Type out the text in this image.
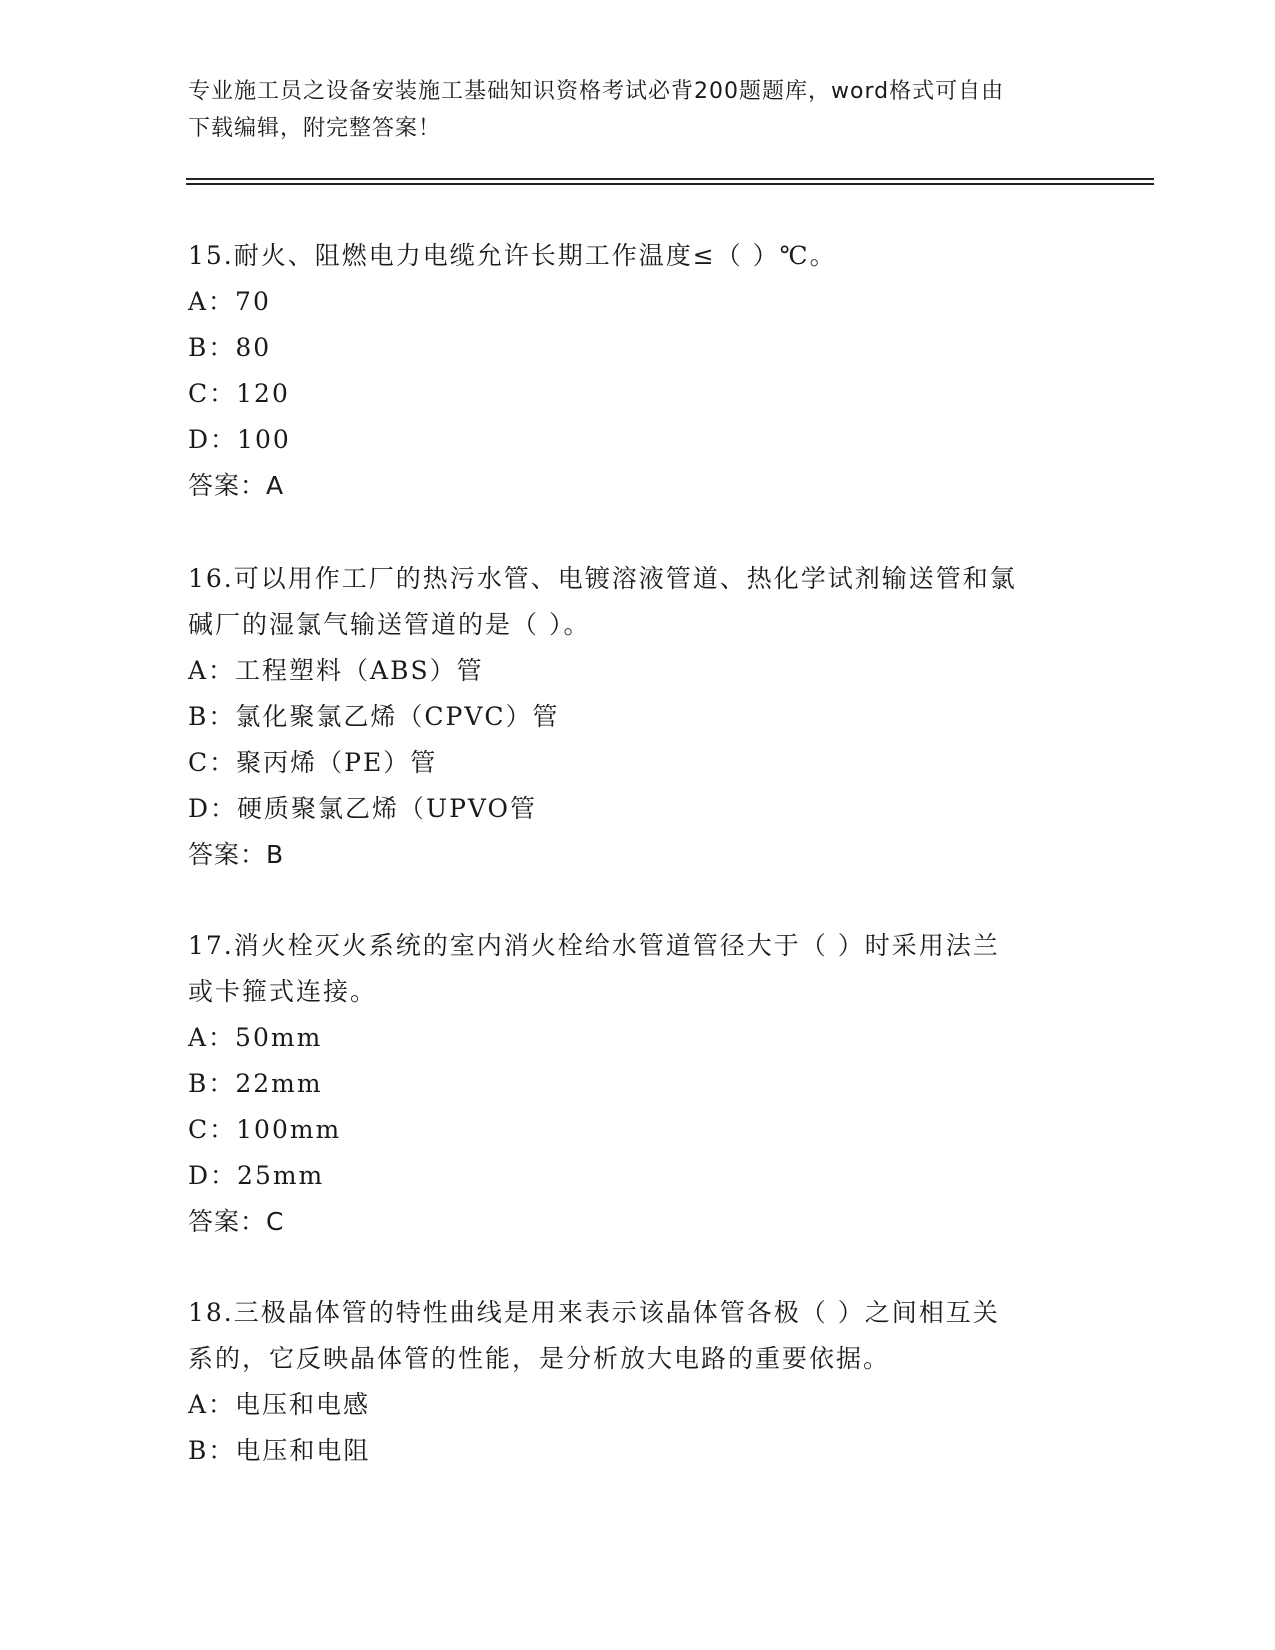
专业施工员之设备安装施工基础知识资格考试必背200题题库，word格式可自由
下载编辑，附完整答案！
15.耐火、阻燃电力电缆允许长期工作温度≤（ ）℃。
A：70
B：80
C：120
D：100
答案：A
16.可以用作工厂的热污水管、电镀溶液管道、热化学试剂输送管和氯
碱厂的湿氯气输送管道的是（ ）。
A：工程塑料（ABS）管
B：氯化聚氯乙烯（CPVC）管
C：聚丙烯（PE）管
D：硬质聚氯乙烯（UPVO管
答案：B
17.消火栓灭火系统的室内消火栓给水管道管径大于（ ）时采用法兰
或卡箍式连接。
A：50mm
B：22mm
C：100mm
D：25mm
答案：C
18.三极晶体管的特性曲线是用来表示该晶体管各极（ ）之间相互关
系的，它反映晶体管的性能，是分析放大电路的重要依据。
A：电压和电感
B：电压和电阻
